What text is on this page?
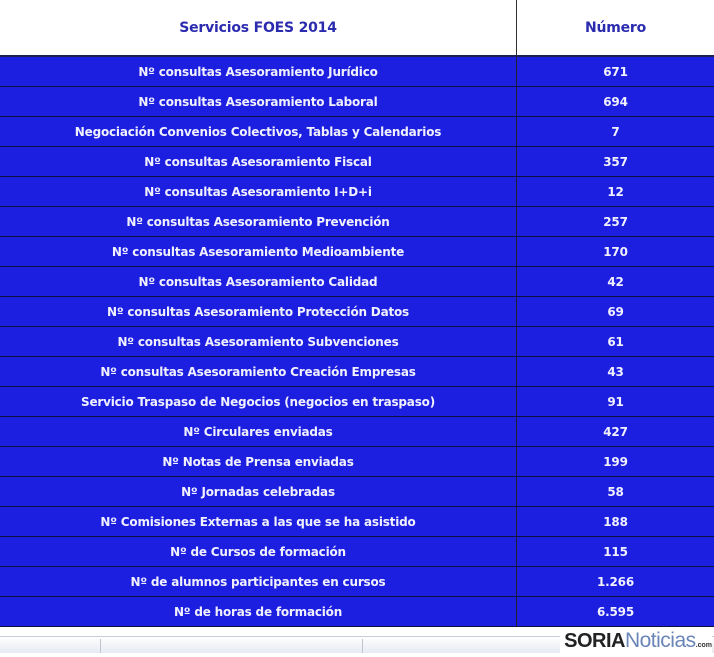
Servicios FOES 2014	Número
Nº consultas Asesoramiento Jurídico	671
Nº consultas Asesoramiento Laboral	694
Negociación Convenios Colectivos, Tablas y Calendarios	7
Nº consultas Asesoramiento Fiscal	357
Nº consultas Asesoramiento I+D+i	12
Nº consultas Asesoramiento Prevención	257
Nº consultas Asesoramiento Medioambiente	170
Nº consultas Asesoramiento Calidad	42
Nº consultas Asesoramiento Protección Datos	69
Nº consultas Asesoramiento Subvenciones	61
Nº consultas Asesoramiento Creación Empresas	43
Servicio Traspaso de Negocios (negocios en traspaso)	91
Nº Circulares enviadas	427
Nº Notas de Prensa enviadas	199
Nº Jornadas celebradas	58
Nº Comisiones Externas a las que se ha asistido	188
Nº de Cursos de formación	115
Nº de alumnos participantes en cursos	1.266
Nº de horas de formación	6.595
SORIANoticias.com
